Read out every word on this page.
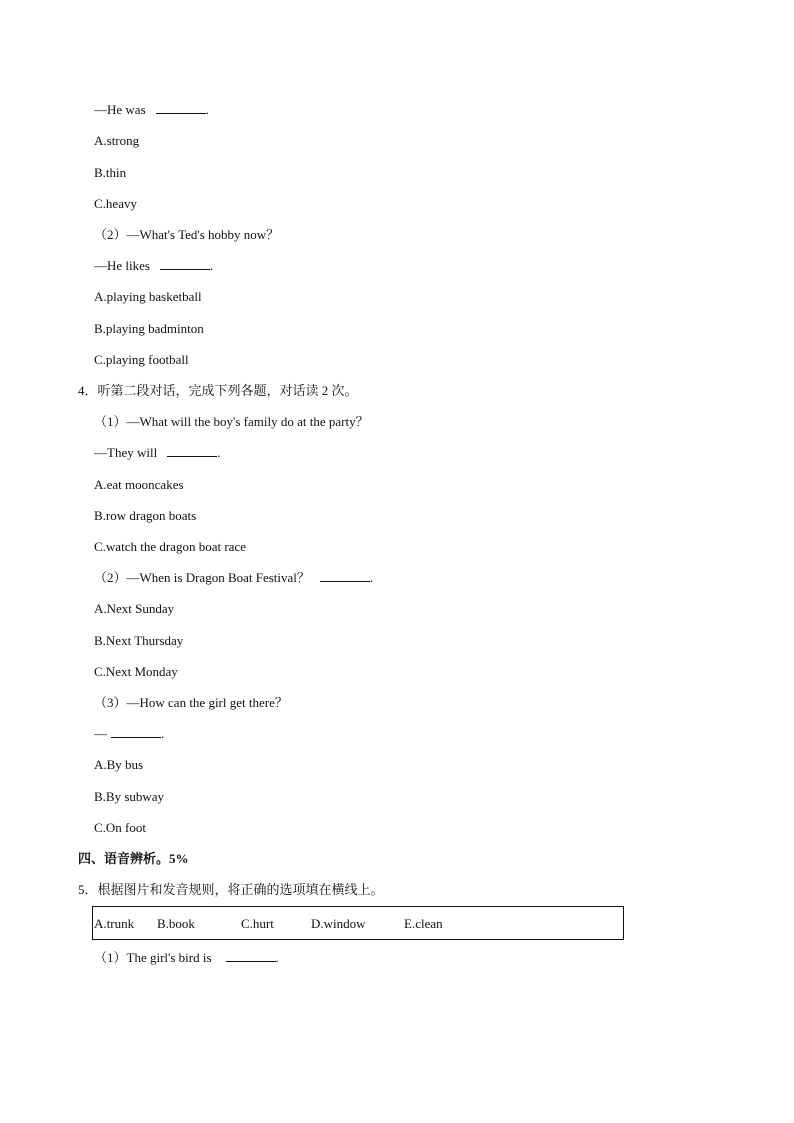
—He was	.
A.strong
B.thin
C.heavy
（2）—What's Ted's hobby now？
—He likes	.
A.playing basketball
B.playing badminton
C.playing football
4．听第二段对话，完成下列各题，对话读 2 次。
（1）—What will the boy's family do at the party？
—They will	.
A.eat mooncakes
B.row dragon boats
C.watch the dragon boat race
（2）—When is Dragon Boat Festival？	.
A.Next Sunday
B.Next Thursday
C.Next Monday
（3）—How can the girl get there？
—	.
A.By bus
B.By subway
C.On foot
四、语音辨析。5%
5．根据图片和发音规则，将正确的选项填在横线上。
A.trunk B.book	C.hurt	D.window	E.clean
（1）The girl's bird is	.
